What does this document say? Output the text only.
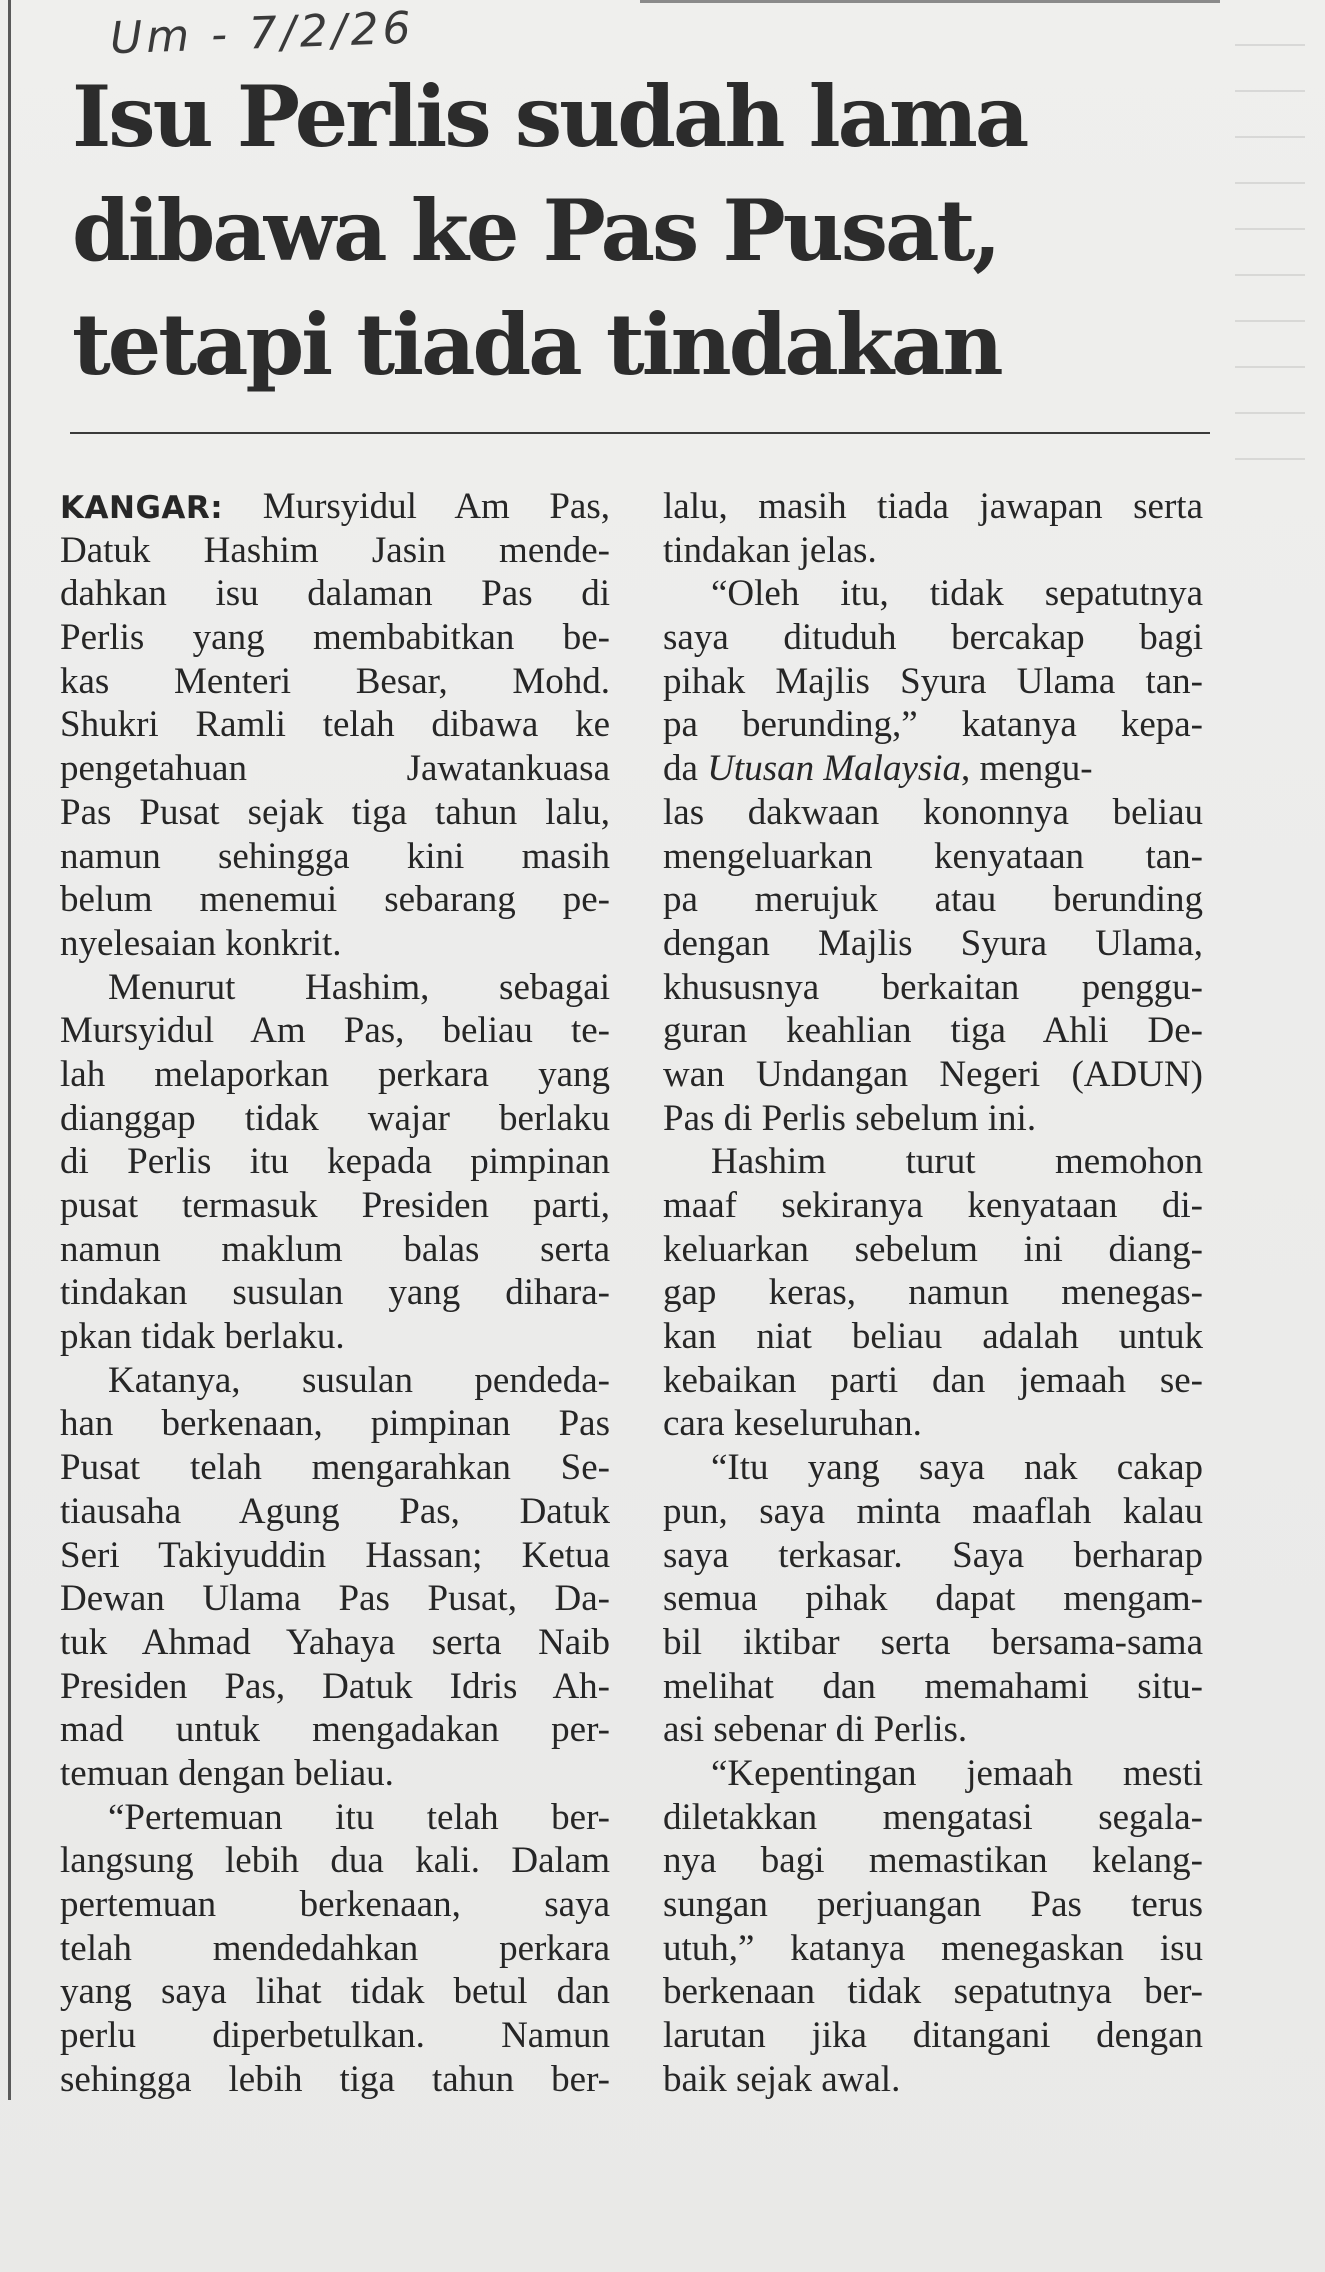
Um - 7/2/26
Isu Perlis sudah lama
dibawa ke Pas Pusat,
tetapi tiada tindakan
KANGAR: Mursyidul Am Pas,
Datuk Hashim Jasin mende-
dahkan isu dalaman Pas di
Perlis yang membabitkan be-
kas Menteri Besar, Mohd.
Shukri Ramli telah dibawa ke
pengetahuan Jawatankuasa
Pas Pusat sejak tiga tahun lalu,
namun sehingga kini masih
belum menemui sebarang pe-
nyelesaian konkrit.
Menurut Hashim, sebagai
Mursyidul Am Pas, beliau te-
lah melaporkan perkara yang
dianggap tidak wajar berlaku
di Perlis itu kepada pimpinan
pusat termasuk Presiden parti,
namun maklum balas serta
tindakan susulan yang dihara-
pkan tidak berlaku.
Katanya, susulan pendeda-
han berkenaan, pimpinan Pas
Pusat telah mengarahkan Se-
tiausaha Agung Pas, Datuk
Seri Takiyuddin Hassan; Ketua
Dewan Ulama Pas Pusat, Da-
tuk Ahmad Yahaya serta Naib
Presiden Pas, Datuk Idris Ah-
mad untuk mengadakan per-
temuan dengan beliau.
“Pertemuan itu telah ber-
langsung lebih dua kali. Dalam
pertemuan berkenaan, saya
telah mendedahkan perkara
yang saya lihat tidak betul dan
perlu diperbetulkan. Namun
sehingga lebih tiga tahun ber-
lalu, masih tiada jawapan serta
tindakan jelas.
“Oleh itu, tidak sepatutnya
saya dituduh bercakap bagi
pihak Majlis Syura Ulama tan-
pa berunding,” katanya kepa-
da Utusan Malaysia, mengu-
las dakwaan kononnya beliau
mengeluarkan kenyataan tan-
pa merujuk atau berunding
dengan Majlis Syura Ulama,
khususnya berkaitan penggu-
guran keahlian tiga Ahli De-
wan Undangan Negeri (ADUN)
Pas di Perlis sebelum ini.
Hashim turut memohon
maaf sekiranya kenyataan di-
keluarkan sebelum ini diang-
gap keras, namun menegas-
kan niat beliau adalah untuk
kebaikan parti dan jemaah se-
cara keseluruhan.
“Itu yang saya nak cakap
pun, saya minta maaflah kalau
saya terkasar. Saya berharap
semua pihak dapat mengam-
bil iktibar serta bersama-sama
melihat dan memahami situ-
asi sebenar di Perlis.
“Kepentingan jemaah mesti
diletakkan mengatasi segala-
nya bagi memastikan kelang-
sungan perjuangan Pas terus
utuh,” katanya menegaskan isu
berkenaan tidak sepatutnya ber-
larutan jika ditangani dengan
baik sejak awal.
